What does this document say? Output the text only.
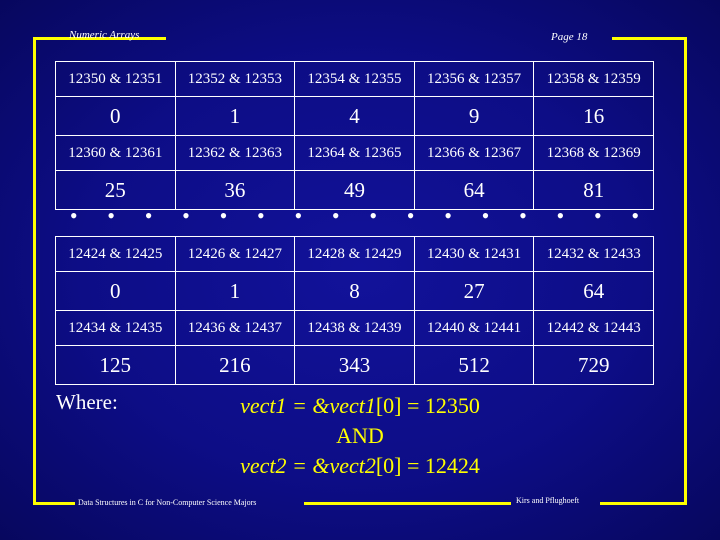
Numeric Arrays	Page 18
12350 & 12351	12352 & 12353	12354 & 12355	12356 & 12357	12358 & 12359
0	1	4	9	16
12360 & 12361	12362 & 12363	12364 & 12365	12366 & 12367	12368 & 12369
25	36	49	64	81
• • • • • • • • • • • • • • • •
12424 & 12425	12426 & 12427	12428 & 12429	12430 & 12431	12432 & 12433
0	1	8	27	64
12434 & 12435	12436 & 12437	12438 & 12439	12440 & 12441	12442 & 12443
125	216	343	512	729
Where:	vect1 = &vect1[0] = 12350
AND
vect2 = &vect2[0] = 12424
Data Structures in C for Non-Computer Science Majors	Kirs and Pflughoeft
